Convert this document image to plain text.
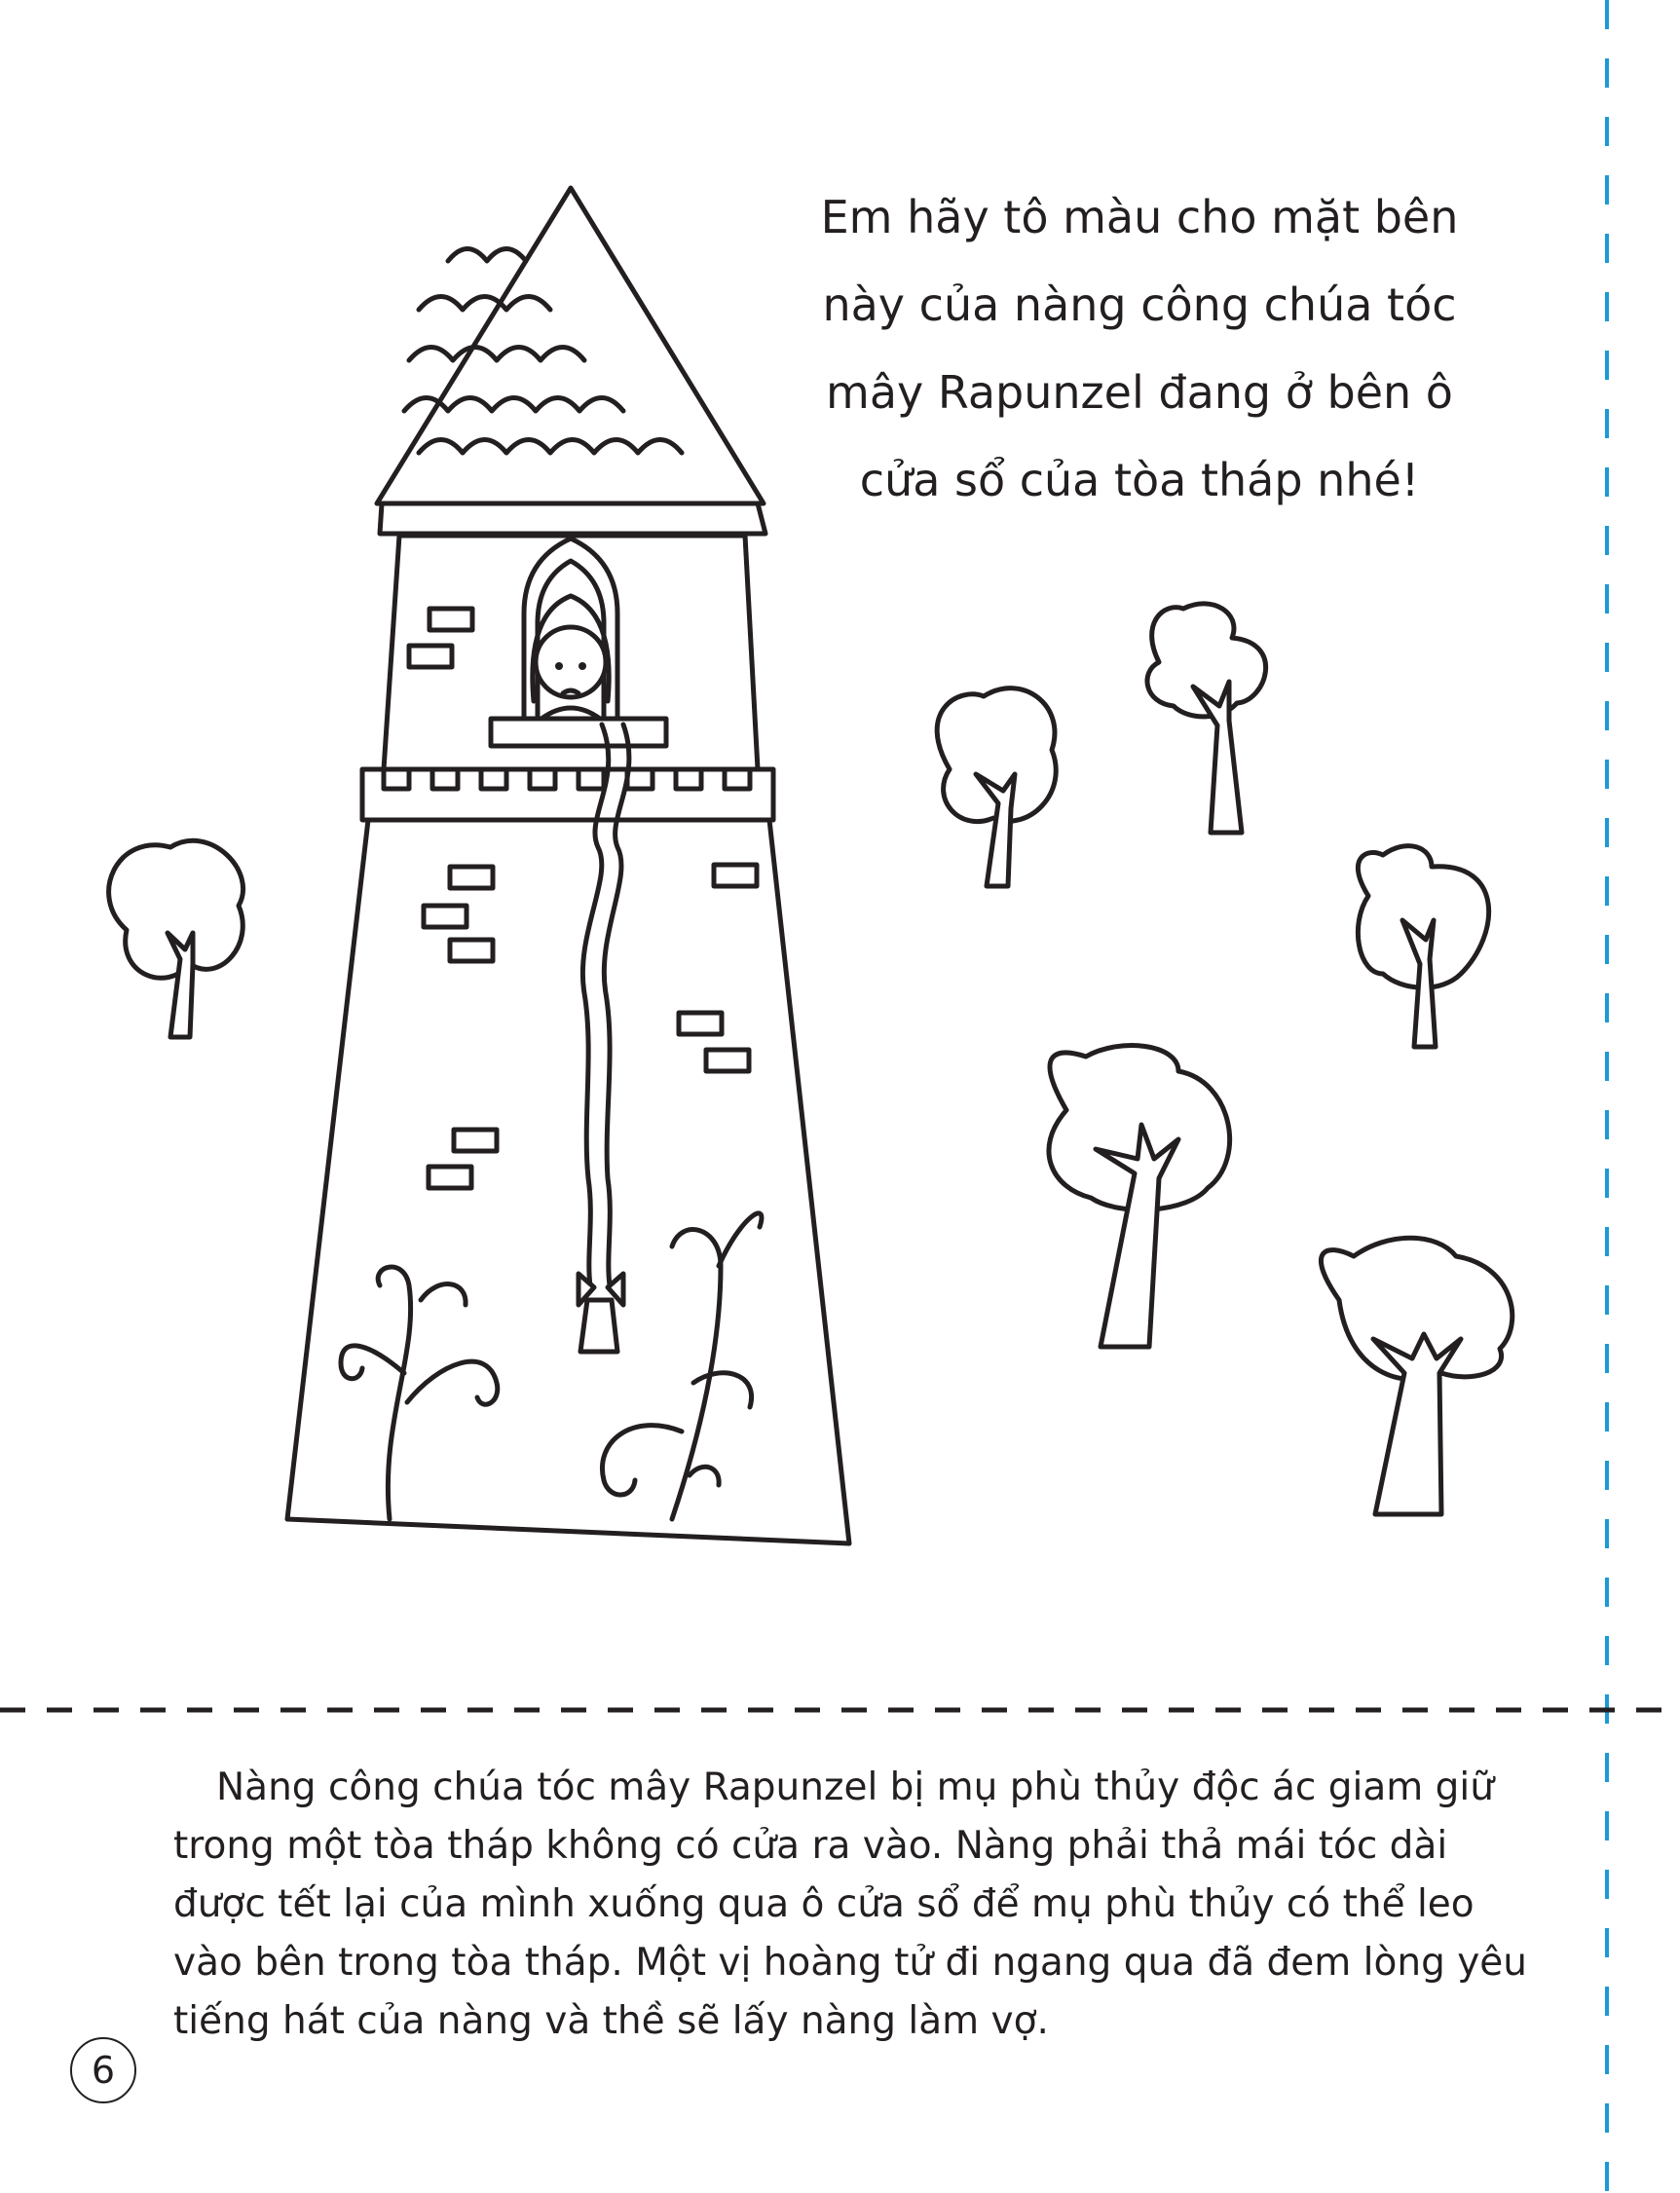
Em hãy tô màu cho mặt bên này của nàng công chúa tóc mây Rapunzel đang ở bên ô cửa sổ của tòa tháp nhé!
Nàng công chúa tóc mây Rapunzel bị mụ phù thủy độc ác giam giữ trong một tòa tháp không có cửa ra vào. Nàng phải thả mái tóc dài được tết lại của mình xuống qua ô cửa sổ để mụ phù thủy có thể leo vào bên trong tòa tháp. Một vị hoàng tử đi ngang qua đã đem lòng yêu tiếng hát của nàng và thề sẽ lấy nàng làm vợ.
6
